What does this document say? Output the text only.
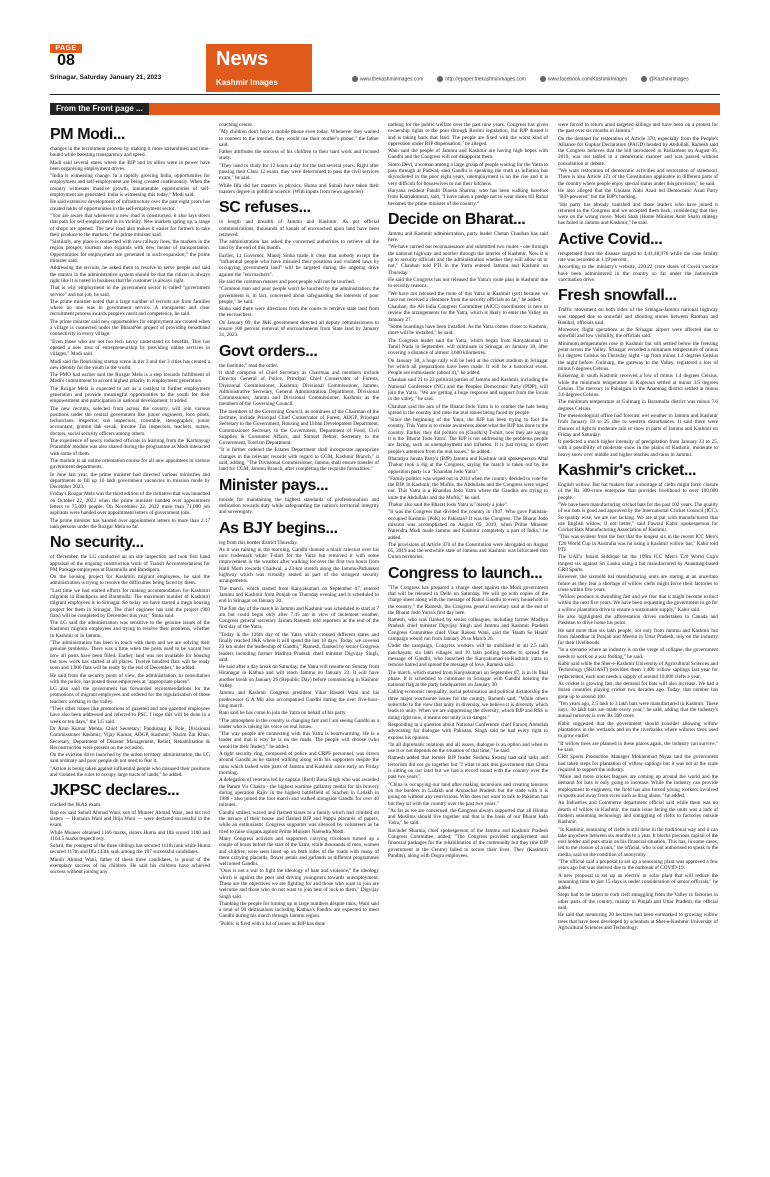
PAGE
08
Srinagar, Saturday January 21, 2023
News
Kashmir Images	www.thekashmirimages.com	http://epaper.thekashmirimages.com	www.facebook.com/KashmirImages	@Kashmirimages
From the Front page ...
PM Modi...

changes in the recruitment process by making it more streamlined and time-bound while boosting transparency and speed.

Modi said several states where the BJP and its allies were in power have been organising employment drives.

"India is witnessing change. In a rapidly growing India, opportunities for employment and self-employment are being created continuously. When the country witnesses massive growth, innumerable opportunities of self-employment are generated. India is witnessing this today," Modi said.

He said extensive development of infrastructure over the past eight years has created lakhs of opportunities in the self-employment sector.

"You are aware that whenever a new road is constructed, it also lays down that path for self-employment in its vicinity. New markets spring up, a range of shops are opened. The new road also makes it easier for farmers to take their produce to the markets," the prime minister said.

"Similarly, any place is connected with new railway lines, the markets in the region prosper, tourism also expands with new means of transportation. Opportunities for employment are generated in such expansion," the prime minister said.

Addressing the recruits, he asked them to resolve to serve people and said the mantra in the administrative system should be that the citizen is always right like it is noted in business that the customer is always right.

That is why employment in the government sector is called "government service" and not job, he said.

The prime minister noted that a large number of recruits are from families where no one was in government service. A transparent and clear recruitment process awards people's merit and competence, he said.

The prime minister said new opportunities for employment are created when a village is connected under the BharatNet project of providing broadband connectivity in every village.

"Even those who are not too tech savvy understand its benefits. This has opened a new area of entrepreneurship by providing online services in villages," Modi said.

Modi said the flourishing startup scene in tier 2 and tier 3 cities has created a new identity for the youth in the world.

The PMO had earlier said the Rozgar Mela is a step towards fulfillment of Modi's commitment to accord highest priority to employment generation.

The Rozgar Mela is expected to act as a catalyst in further employment generation and provide meaningful opportunities to the youth for their empowerment and participation in national development, it added.

The new recruits, selected from across the country, will join various positions under the central government like junior engineers, loco pilots, technicians, inspector, sub inspectors, constable, stenographer, junior accountant, gramin dak sevak, Income Tax inspectors, teachers, nurses, doctors, social security officers among others.

The experience of newly inducted officials in learning from the 'Karmayogi Prarambh' module was also shared during the programme as Modi interacted with some of them.

The module is an online orientation course for all new appointees in various government departments.

In June last year, the prime minister had directed various ministries and departments to fill up 10 lakh government vacancies in mission mode by December 2023.

Friday's Rozgar Mela was the third edition of the initiative that was launched on October 22, 2022 when the prime minister handed over appointment letters to 75,000 people. On November 22, 2022 more than 71,000 job aspirants were handed over appointment letters of government jobs.

The prime minister has handed over appointment letters to more than 2.17 lakh persons under the Rozgar Mela so far.

No security...

of December, the LG conducted an on site inspection and took first hand appraisal of the ongoing construction work of Transit Accommodations for PM Package employees at Baramulla and Bandipora.

On the housing project for Kashmiri migrant employees, he said the administration is trying to resolve the difficulties being faced by them.

"Last time we had started efforts for making accommodation for Kashmiri migrants in Bandipora and Baramulla. The maximum number of Kashmiri migrant employees is in Srinagar. So today we have started a mega housing project for them in Srinagar. The chief engineer has said the project (960 flats) will be completed by December this year," Sinha said.

The LG said the administration was sensitive to the genuine issues of the Kashmiri migrant employees and trying to resolve their problems, whether in Kashmir or in Jammu.

"The administration has been in touch with them and we are solving their genuine problems. There was a time when the posts used to be vacant but now all posts have been filled. Earlier, land was not available for housing but now work has started at all places. Twelve hundred flats will be ready soon and 1,000 flats will be ready by the end of December," he added.

He said from the security point of view, the administration, in consultation with the police, has posted these employees at "appropriate places".

LG also said the government has forwarded recommendations for the promotions of migrant employees and ordered for the regularisation of those teachers working in the valley.

"Their other issues like promotions of gazetted and non-gazetted employees have also been addressed and referred to PSC. I hope this will be done in a week or ten days," the LG said.

Dr Arun Kumar Mehta, Chief Secretary; Pandurang K Pole, Divisional Commissioner Kashmir; Vijay Kumar, ADGP, Kashmir; Nazim Zai Khan, Secretary, Department of Disaster Management, Relief, Rehabilitation & Reconstruction were present on the occasion.

On the eviction drive launched by the union territory administration, the LG said ordinary and poor people do not need to fear it.

"Action is being taken against influential people who misused their positions and violated the rules to occupy large tracts of lands," he added.

JKPSC declares...

cracked the JKAS exam.

Rop ers said Suhail Ahmad Wani, son of Muneer Ahmad Wani, and his two sisters — Humaira Wani and Iltija Wani — were declared successful in the exam.

While Muneer obtained 1166 marks, sisters Huma and Ilfa scored 1160 and 1164.5 marks respectively.

Suhail, the youngest of the three siblings has secured 111th rank while Huma secured 117th and Ilfa 143th rank among the 107 successful candidates.

Muniir Ahmad Wani, father of these three candidates, is proud of the exemplary success of his children. He said his children have achieved success without joining any

coaching centre.

"My children don't have a mobile phone even today. Whenever they wanted to connect to the internet, they would use their mother's phone," the father said.

Father attributes the success of his children to their hard work and focused study.

"They used to study for 12 hours a day for the last several years. Right after passing their Class 12 exam, they were determined to pass the civil services exam," he said.

While Ilfa did her masters in physics, Huma and Suhail have taken their masters degree in political science. (With inputs from news agencies)

SC refuses...

in length and breadth of Jammu and Kashmir. As per official communications, thousands of kanals of encroached upon land have been retrieved.

The administration has asked the concerned authorities to retrieve all the land by the end of this month.

Earlier, Lt Governor, Manoj Sinha made it clear that nobody except the "influential people who have misused their positions and violated laws by occupying government land" will be targeted during the ongoing drive against the "encroachers".

He said the common masses and poor people will not be touched.

"Common man and poor people won't be touched by the administration; the government is, in fact, concerned about safeguarding the interests of poor people," he said.

Sinha said there were directions from the courts to retrieve state land from the encroachers.

On January 09, the J&K government directed all deputy commissioners to ensure 100 percent removal of encroachments from State land by January 31, 2023.

Govt orders...

the Institute," read the order.

It shall comprise of Chief Secretary as Chairman and members include Director General of Police, Principal Chief Conservator of Forests, Divisional Commissioner, Kashmir, Divisional Commissioner, Jammu, Administrative Secretary, General Administration Department, Divisional Commissioner, Jammu and Divisional Commissioner, Kashmir as the members of the Governing Council.

The members of the Governing Council, as nominees of the Chairman of the Institute, include Principal Chief Conservator of Forest, ADGP, Principal Secretary to the Government, Housing and Urban Development Department, Commissioner Secretary to the Government, Department of Food, Civil Supplies & Consumer Affairs, and Samuel Rehter, Secretary to the Government, Tourism Department.

"It is further ordered the Estates Department shall incorporate appropriate changes in the relevant records with regard to CGM, Kashmir Branch," it said, adding, "The Divisional Commissioner, Jammu shall ensure transfer of land for CGM, Jammu Branch, after completing the requisite formalities."

Minister pays...

morale for maintaining the highest standards of professionalism and dedication towards duty while safeguarding the nation's territorial integrity and sovereignty.

As BJY begins...

leg from this border district Thursday.

As it was raining in the morning, Gandhi donned a black raincoat over his now trademark white T-shirt for the Yatra but removed it with some improvement in the weather after walking for over the first two hours from Hatli Morh towards Chadwal, a 23-km stretch along the Jammu-Pathankot highway which was virtually sealed as part of the stringent security arrangements.

The march, which started from Kanyakumari on September 07, entered Jammu and Kashmir from Punjab on Thursday evening and is scheduled to end in Srinagar on January 30.

The first day of the march in Jammu and Kashmir was scheduled to start at 7 am but could begin only after 7.45 am in view of inclement weather, Congress general secretary Jairam Ramesh told reporters at the end of the first day of the Yatra.

"Today is the 126th day of the Yatra which crossed different states and finally reached J&K where it will spend the last 10 days. Today, we covered 23 km under the leadership of Gandhi," Ramesh, flanked by senior Congress leaders including former Madhya Pradesh chief minister Digvijay Singh, said.

He said after a day break on Saturday, the Yatra will resume on Sunday from Hiranagar in Kathua and will reach Jammu on January 23. It will have another break on January 26 (Republic Day) before commencing in Kashmir Valley.

Jammu and Kashmir Congress president Vikar Rasool Wani and his predecessor G A Mir also accompanied Gandhi during the over five-hour-long march.

Rani said he has come to join the Yatra on behalf of his party.

"The atmosphere in the country is changing fast and I am seeing Gandhi as a leader who is raising his voice on real issues.

"The way people are connecting with this Yatra is heartwarming. He is a leader and that is why he is on the roads. The people will choose (who would be their leader)," he added.

A tight security ring, composed of police and CRPF personnel, was drawn around Gandhi as he started walking along with his supporters despite the rains which lashed wide parts of Jammu and Kashmir since early on Friday morning.

A delegation of veterans led by captain (Retd) Bana Singh who was awarded the Param Vir Chakra - the highest wartime gallantry medal for his bravery during operation Rajiv in the highest battlefield of Siachen in Ladakh in 1988 - also joined the foot march and walked alongside Gandhi for over 40 minutes.

Gandhi smiled, waved and flashed kisses to a family which had climbed on the terrace of their house and flashed BJP and Pappu placards of papers, while an enthusiastic Congress supporter was silenced by volunteers as he tried to raise slogans against Prime Minister Narendra Modi.

Many Congress activists and supporters carrying tricolours turned up a couple of hours before the start of the Yatra, while thousands of men, women and children were seen lined up on both sides of the roads with many of them carrying placards, flower petals and garlands as different programmes welcomed Gandhi.

"Ours is not a war to fight the ideology of hate and violence," the ideology which is against the poor and driving youngsters towards unemployment. These are the objectives we are fighting for and those who want to join are welcome and those who do not want to join best of luck to them," Digvijay Singh said.

Thanking the people for turning up in large numbers despite rains, Wani said a total of 90 destinations including Kathua's Pandits are expected to meet Gandhi during his march through Jammu region.

"Public is fired with a lot of issues as BJP has done

nothing for the public welfare over the past nine years. Congress has given ownership rights to the poor through Roshni legislation, but BJP dusted it and is taking back that land. The people are fixed with the worst kind of oppression under BJP dispensation," he alleged.

Wani said the people of Jammu and Kashmir are having high hopes with Gandhi and the Congress will not disappoint them.

Simro Devi, a woman among a large group of people waiting for the Yatra to pass through at Padwal, said Gandhi is speaking the truth as inflation has skyrocketed in the poor eight years, unemployment is on the rise and it is very difficult for housewives to run their kitchens.

Haryana resident Pandit Dinesh Sharma, who has been walking barefoot from Kanyakumari, said, "I have taken a pledge not to wear shoes till Rahul becomes the prime minister of the country."

Decide on Bharat...

Jammu and Kashmir administration, party leader Chetan Chauhan has said here.

"We have carried out reconnaissance and submitted two routes - one through the national highway and another through the interior of Kashmir. Now it is up to security officials and the administration whether they will allow us or not," Chauhan told PTI in the Yatra entered Jammu and Kashmir on Thursday.

He said the Congress has not released the Yatra's route plan in Kashmir due to security reasons.

"We have not released the route of this Yatra in Kashmir (yet) because we have not received a clearance from the security officials so far," he added.

Chauhan, the All India Congress Committee (AICC) coordinator, is here to review the arrangements for the Yatra, which is likely to enter the Valley on January 27.

"Some hoardings have been installed. As the Yatra comes closer to Kashmir, more will be installed," he said.

The Congress leader said the Yatra, which began from Kanyakumari in Tamil Nadu in September, will culminate in Srinagar on January 30, after covering a distance of almost 3,600 kilometres.

On January 30, a huge rally will be held at the cricket stadium in Srinagar for which all preparations have been made. It will be a historical event. People are enthusiastic (about it)," he added.

Chauhan said 21 to 23 political parties of Jammu and Kashmir, including the National Conference (NC) and the Peoples Democratic Party (PDP), will join the Yatra. "We are getting a huge response and support from the locals in the valley," he said.

Chauhan said the aim of the Bharat Jodo Yatra is to counter the hate being spread in the country and raise the real issues being faced by people.

"Since the beginning of the Yatra, the BJP has been trying to fool the country. This Yatra is to create awareness about what the BJP has done to the country. Earlier, they did politics on (Gandhi's) T-shirt, now they are saying it is the 'Bharat Todo Yatra'. The BJP is not addressing the problems people are facing, such as unemployment and inflation. It is just trying to divert people's attention from the real issues," he added.

Bharatiya Janata Party's (BJP) Jammu and Kashmir unit spokesperson Altaf Thakur took a dig at the Congress, saying the march is taken out by the opposition party is a "Khandan Jodo Yatra".

"Family politics was wiped out in 2014 when the country decided to vote for the BJP. In Kashmir, the Muftis, the Abdullahs and the Congress were wiped out. This Yatra is a Khandan Jodo Yatra where the Gandhis are trying to unite the Abdullahs and the Muftis," he said.

Thakur also said the Bharat Jodo Yatra is "merely a joke".

"It was the Congress that divided the country in 1947. Who gave Pakistan-occupied Kashmir (PoK) to Pakistan? It was the Congress. The Bharat Jodo mission was accomplished on August 05, 2019, when Prime Minister Narendra Modi made Jammu and Kashmir completely a part of India," he added.

The provisions of Article 370 of the Constitution were abrogated on August 05, 2019 and the erstwhile state of Jammu and Kashmir was bifurcated into Union territories.

Congress to launch...

"The Congress has prepared a charge sheet against the Modi government that will be released in Delhi on Saturday. We will go with copies of the charge sheet along with the message of Rahul Gandhi to every household in the country," the Ramesh, the Congress general secretary said at the end of the Bharat Jodo Yatra's first day here.

Ramesh, who was flanked by senior colleagues, including former Madhya Pradesh chief minister Digvijay Singh and Jammu and Kashmir Pradesh Congress Committee chief Vikar Rasool Wani, said the 'Haath Se Haath' campaign would run from January 26 to March 26.

Under the campaign, Congress workers will be mobilised in all 2.5 lakh panchayats, six lakh villages and 10 lakh polling booths to spread the message of Gandhi, who launched the Kanyakumari-to-Kashmir yatra to remove hatred and spread the message of love, Ramesh said.

The march, which started from Kanyakumari on September 07, is in its final phase. It is scheduled to culminate in Srinagar with Gandhi hoisting the national flag at the party headquarters on January 30.

Calling economic inequality, social polarisation and political dictatorship the three major worrisome issues for the country, Ramesh said, "While others subscribe to the view that unity in diversity, we believe it is diversity which leads to unity. When we are suppressing the diversity, which BJP and RSS is doing right now, it means our unity is in danger."

Responding to a question about National Conference chief Farooq Abdullah advocating for dialogue with Pakistan, Singh said he had every right to express his opinion.

"In all diplomatic relations and all issues, dialogue is an option and when to use it or not depends on the situation of that time," he said.

Ramesh added that former BJP leader Sushma Swaraj had said talks and terrorism did not go together but "I want to ask this government that China is sitting on our land but we had a record round with the country over the past two years".

"China is occupying our land after making incursions and creating tensions on the borders in Ladakh and Arunachal Pradesh but the trade with it is going on without any restrictions. Who does not want to talk to Pakistan has but they sit with the country over the past two years."

"As far as we are concerned, the Congress always supported that all Hindus and Muslims should live together and that is the basis of our Bharat Jodo Yatra," he said.

Ravinder Sharma, chief spokesperson of the Jammu and Kashmir Pradesh Congress Committee, added, "The Congress provided employment and financial packages for the rehabilitation of the community but they (the BJP government at the Centre) failed to secure their lives. They (Kashmiri Pandits), along with Dogra employees,

were forced to return amid targeted killings and have been on a protest for the past over six months in Jammu."

On the demand for restoration of Article 370, especially from the People's Alliance for Gupkar Declaration (PAGD) headed by Abdullah, Ramesh said the Congress believes that the bill introduced in Parliament on August 05, 2019, was not tabled in a democratic manner and was passed without consultation or debate.

"We want restoration of democratic activities and restoration of statehood. There is also Article 371 of the Constitution applicable in different parts of the country where people enjoy special status under this provision," he said.

He also alleged that the Ghulam Nabi Azad led Democratic Azad Party "B/P-powered" but the BJP's backing.

"His party has already vanished and those leaders who have joined it returned to the Congress and we accepted them back, considering that they were on the wrong move. Modi Shah (Home Minister Amit Shah) strategy has failed in Jammu and Kashmir," he said.

Active Covid...

recuperated from the disease surged to 4,41,48,976 while the case fatality rate was recorded at 1.19 percent.

According to the ministry's website, 220.22 crore doses of Covid vaccine have been administered in the country so far under the nationwide vaccination drive.

Fresh snowfall...

Traffic movement on both sides of the Srinagar-Jammu national highway was stopped due to snowfall and shooting stones between Ramban and Banihal, officials said.

Moreover, flight operations at the Srinagar airport were affected due to snowfall and low visibility, the officials said.

Minimum temperatures rose in Kashmir but still settled below the freezing point across the Valley. Srinagar recorded a minimum temperature of minus 0.1 degrees Celsius on Thursday night - up from minus 1.4 degrees Celsius the night before. Gulmarg, the gateway to the Valley, registered a low of minus 6 degrees Celsius.

Kokernag in south Kashmir received a low of minus 1.4 degrees Celsius, while the minimum temperature in Kupwara settled at minus 3.5 degrees Celsius. The mercury in Pahalgam in the Anantnag district settled at minus 3.6 degrees Celsius.

The minimum temperature at Gulmarg in Baramulla district was minus 7.6 degrees Celsius.

The meteorological office had forecast wet weather in Jammu and Kashmir from January 18 to 25 due to western disturbances. It said there were chances of light to moderate rain or snow in parts of Jammu and Kashmir on Friday and Saturday.

It predicted a much higher intensity of precipitation from January 23 to 25, with a possibility of moderate snow in the plains of Kashmir, moderate to heavy snow over middle and higher reaches and rains in Jammu.

Kashmir's cricket...

English willow. But bat makers fear a shortage of clefts might force closure of the Rs 300-crore enterprise that provides livelihood to over 100,000 people.

"We have been manufacturing cricket bats for the past 102 years. The quality of our bats is good and approved by the International Cricket Council (ICC). So quality wise, we are not lacking. We are at par with manufacturers that use English willow, if not better," said Fawzul Kabir, spokesperson for Cricket Bats Manufacturing Association of Kashmir.

"This was evident from the fact that the longest six in the recent ICC Men's T20 World Cup in Australia was hit using a Kashmir willow bat," Kabir told PTI.

The UAE's Junaid Siddique hit the 109m ICC Men's T20 World Cup's longest six against Sri Lanka using a bat manufactured by Anantnag-based GR8 Sports.

However, the sixmold bat manufacturing units are staring at an uncertain future as they fear a shortage of willow clefts might force their factories to close within five years.

"Willow produce is dwindling fast and we fear that it might become extinct within the next five years. We have been requesting the government to go for a willow plantation drive to ensure a sustainable supply," Kabir said.

He also highlighted the afforestation drives undertaken in Canada and Pakistan to drive home his point.

He said more than six lakh people, not only from Jammu and Kashmir but from Jalandhar in Punjab and Meerut in Uttar Pradesh, rely on the industry for their livelihoods.

"In a scenario where an industry is on the verge of collapse, the government needs to work on a war footing," he said.

Kabir said while the Sher-e-Kashmir University of Agricultural Sciences and Technology (SKUAST) provided them 1,400 willow saplings last year for replacement, each unit needs a supply of around 10,000 clefts a year.

As cricket is growing fast, the demand for bats will also increase. We had a dozen countries playing cricket two decades ago. Today, that number has gone up to around 100.

"Ten years ago, 2.5 lakh to 3 lakh bats were manufactured in Kashmir. These days, 30 lakh bats are made every year," he said, adding that the industry's annual turnover is over Rs 300 crore.

Kabir suggested that the government should consider allowing willow plantations in the wetlands and on the riverbanks where willows trees used to grow earlier.

"If willow trees are planned in these places again, the industry can survive," he said.

GR8 Sports Production Manager Mohammad Niyaz said the government had taken steps for plantation of willow saplings but it was not at the scale required to support the industry.

"More and more cricket leagues are coming up around the world and the demand for bats is only going to increase. While the industry can provide employment to engineers, the field has also forced young workers involved in sports and away from vices such as drug abuse," he added.

An Industries and Commerce department official said while there was no dearth of willow in Kashmir, the main issue facing the units was a lack of modern seasoning technology and smuggling of clefts to factories outside Kashmir.

"In Kashmir, seasoning of clefts is still done in the traditional way and it can take anywhere between six months to a year. It blocks precious capital of the unit holder and puts strain on his financial situation. This has, in some cases, led to the closure of a unit," the official, who is not authorised to speak to the media, said on the condition of anonymity.

"The official said a proposal to set up a seasoning plant was approved a few years ago but was shelved due to the outbreak of COVID-19.

A new proposal to set up an electric or solar plant that will reduce the seasoning time to just 15 days is under consideration of senior officials," he added.

Steps had to be taken to curb cleft smuggling from the Valley to factories in other parts of the country, mainly in Punjab and Uttar Pradesh, the official said.

He said that measuring 20 hectares had been earmarked to growing willow trees that have been developed by scientists at Sher-e-Kashmir University of Agricultural Sciences and Technology.
